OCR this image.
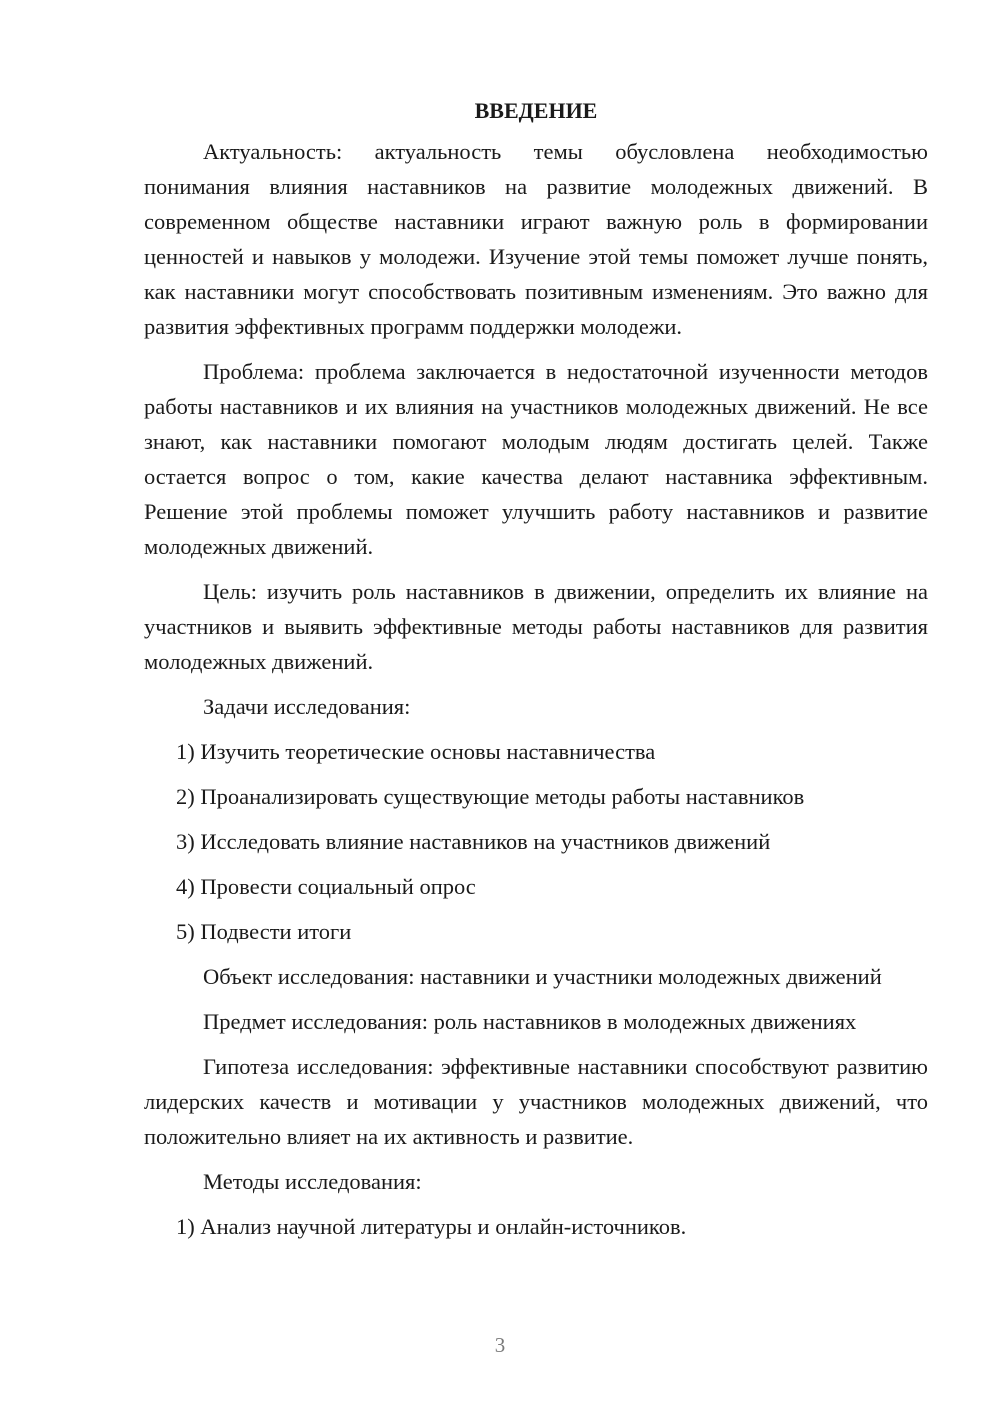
ВВЕДЕНИЕ

Актуальность: актуальность темы обусловлена необходимостью понимания влияния наставников на развитие молодежных движений. В современном обществе наставники играют важную роль в формировании ценностей и навыков у молодежи. Изучение этой темы поможет лучше понять, как наставники могут способствовать позитивным изменениям. Это важно для развития эффективных программ поддержки молодежи.

Проблема: проблема заключается в недостаточной изученности методов работы наставников и их влияния на участников молодежных движений. Не все знают, как наставники помогают молодым людям достигать целей. Также остается вопрос о том, какие качества делают наставника эффективным. Решение этой проблемы поможет улучшить работу наставников и развитие молодежных движений.

Цель: изучить роль наставников в движении, определить их влияние на участников и выявить эффективные методы работы наставников для развития молодежных движений.

Задачи исследования:

1) Изучить теоретические основы наставничества

2) Проанализировать существующие методы работы наставников

3) Исследовать влияние наставников на участников движений

4) Провести социальный опрос

5) Подвести итоги

Объект исследования: наставники и участники молодежных движений

Предмет исследования: роль наставников в молодежных движениях

Гипотеза исследования: эффективные наставники способствуют развитию лидерских качеств и мотивации у участников молодежных движений, что положительно влияет на их активность и развитие.

Методы исследования:

1) Анализ научной литературы и онлайн-источников.

3
